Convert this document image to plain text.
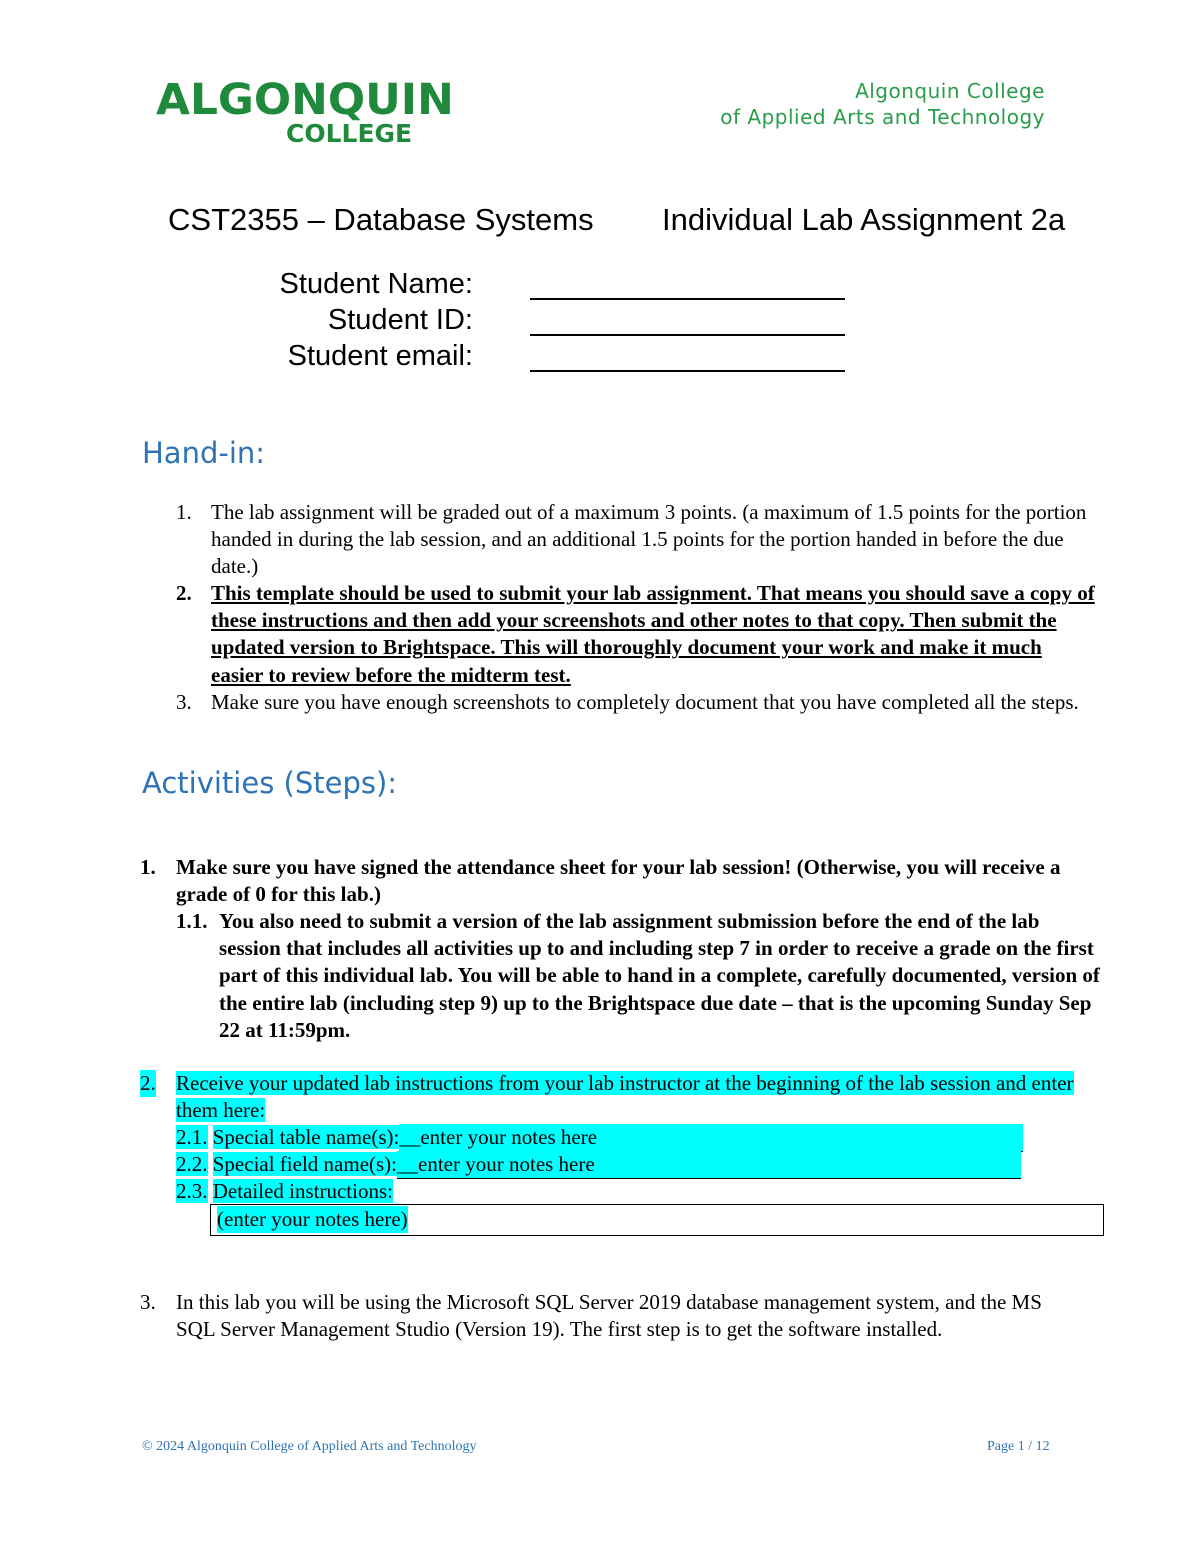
ALGONQUIN
COLLEGE
Algonquin College
of Applied Arts and Technology
CST2355 – Database Systems Individual Lab Assignment 2a
Student Name:
Student ID:
Student email:
Hand-in:
1. The lab assignment will be graded out of a maximum 3 points. (a maximum of 1.5 points for the portion handed in during the lab session, and an additional 1.5 points for the portion handed in before the due date.)
2. This template should be used to submit your lab assignment. That means you should save a copy of these instructions and then add your screenshots and other notes to that copy. Then submit the updated version to Brightspace. This will thoroughly document your work and make it much easier to review before the midterm test.
3. Make sure you have enough screenshots to completely document that you have completed all the steps.
Activities (Steps):
1. Make sure you have signed the attendance sheet for your lab session! (Otherwise, you will receive a grade of 0 for this lab.)
1.1. You also need to submit a version of the lab assignment submission before the end of the lab session that includes all activities up to and including step 7 in order to receive a grade on the first part of this individual lab. You will be able to hand in a complete, carefully documented, version of the entire lab (including step 9) up to the Brightspace due date – that is the upcoming Sunday Sep 22 at 11:59pm.
2. Receive your updated lab instructions from your lab instructor at the beginning of the lab session and enter them here:
2.1. Special table name(s):__enter your notes here
2.2. Special field name(s):__enter your notes here
2.3. Detailed instructions:
(enter your notes here)
3. In this lab you will be using the Microsoft SQL Server 2019 database management system, and the MS SQL Server Management Studio (Version 19). The first step is to get the software installed.
© 2024 Algonquin College of Applied Arts and Technology	Page 1 / 12
